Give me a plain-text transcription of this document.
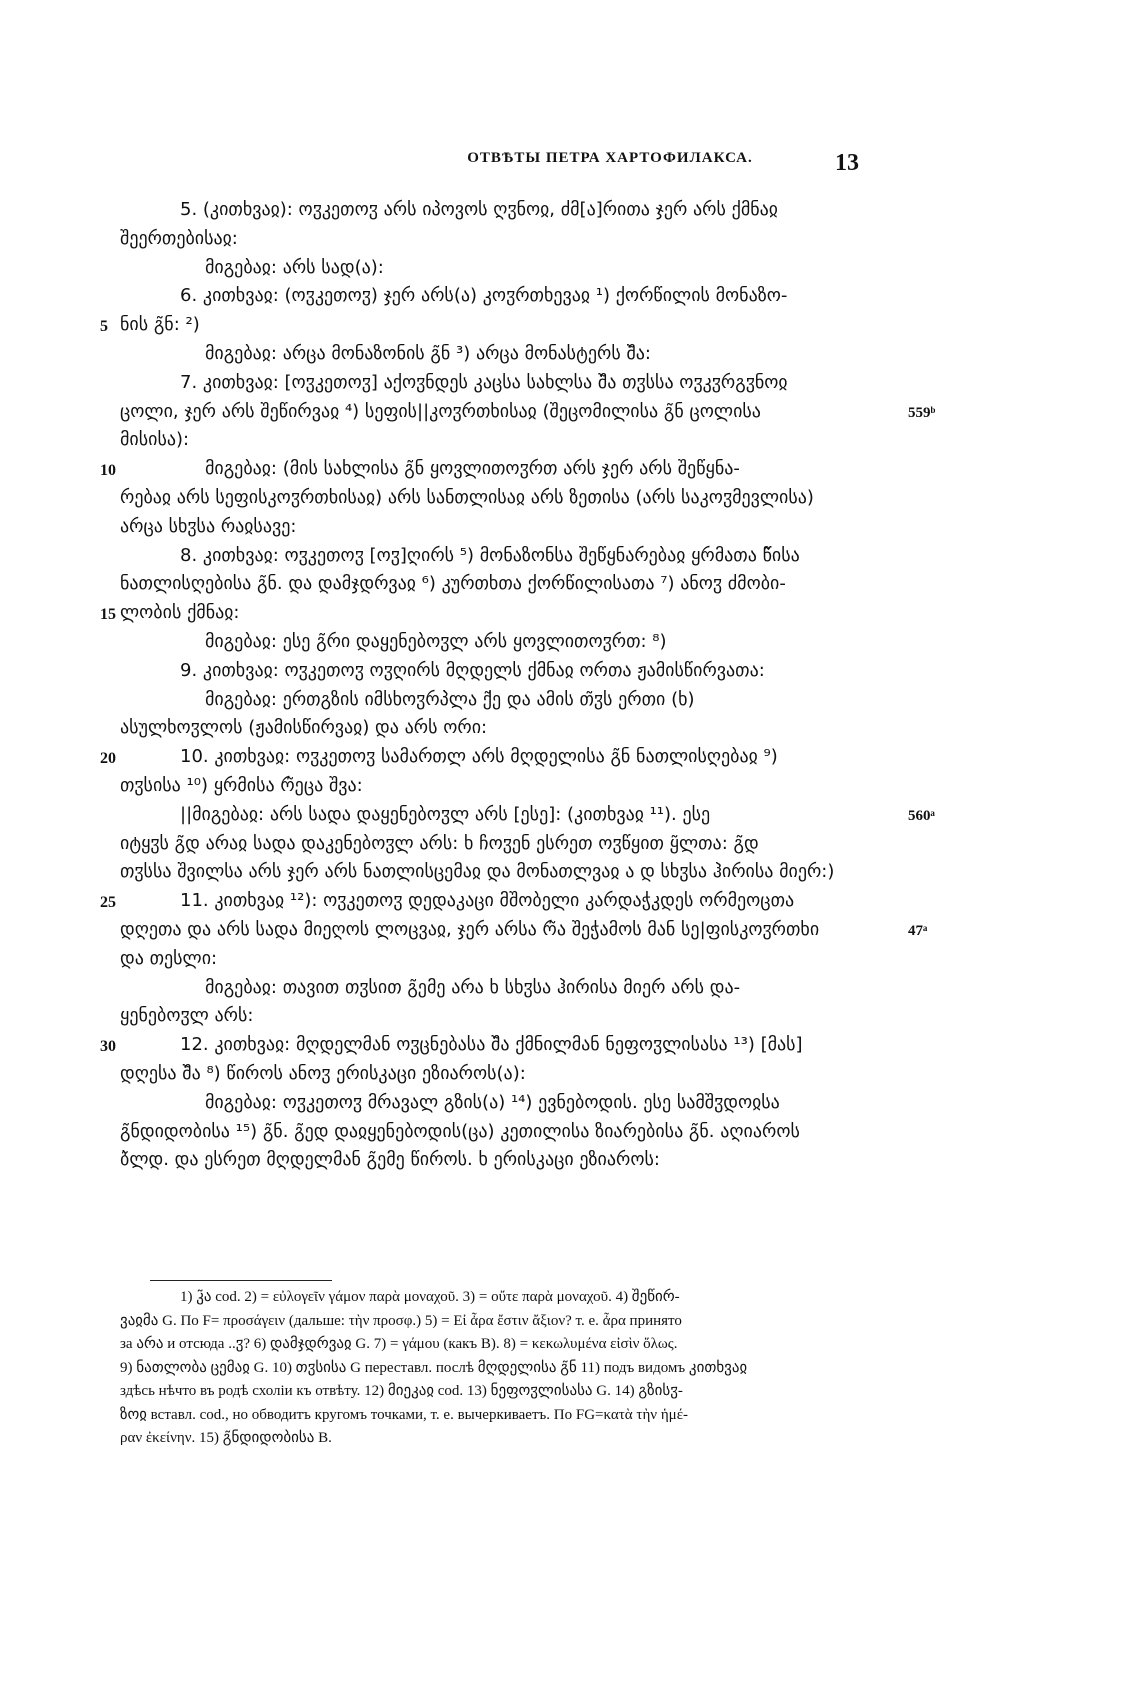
ОТВѢТЫ ПЕТРА ХАРТОФИЛАКСА.	13
5. (კითხვაჲ): ოჳკეთოჳ არს იპოვოს ღჳნოჲ, ძმ[ა]რითა ჯერ არს ქმნაჲ
შეერთებისაჲ:
მიგებაჲ: არს სად(ა):
6. კითხვაჲ: (ოჳკეთოჳ) ჯერ არს(ა) კოჳრთხევაჲ ¹) ქორწილის მონაზო-
ნის გ̃ნ: ²)
მიგებაჲ: არცა მონაზონის გ̃ნ ³) არცა მონასტერს შ̃ა:
7. კითხვაჲ: [ოჳკეთოჳ] აქოჳნდეს კაცსა სახლსა შ̃ა თჳსსა ოჳკჳრგჳნოჲ
ცოლი, ჯერ არს შეწირვაჲ ⁴) სეფის||კოჳრთხისაჲ (შეცომილისა გ̃ნ ცოლისა
მისისა):
მიგებაჲ: (მის სახლისა გ̃ნ ყოვლითოჳრთ არს ჯერ არს შეწყნა-
რებაჲ არს სეფისკოჳრთხისაჲ) არს სანთლისაჲ არს ზეთისა (არს საკოჳმევლისა)
არცა სხჳსა რაჲსავე:
8. კითხვაჲ: ოჳკეთოჳ [ოჳ]ღირს ⁵) მონაზონსა შეწყნარებაჲ ყრმათა წ̃ისა
ნათლისღებისა გ̃ნ. და დამჯდრვაჲ ⁶) კურთხთა ქორწილისათა ⁷) ანოჳ ძმობი-
ლობის ქმნაჲ:
მიგებაჲ: ესე გ̃რი დაყენებოჳლ არს ყოვლითოჳრთ: ⁸)
9. კითხვაჲ: ოჳკეთოჳ ოჳღირს მღდელს ქმნაჲ ორთა ჟამისწირვათა:
მიგებაჲ: ერთგზის იმსხოჳრპლა ქ̃ე და ამის თ̃ჳს ერთი (ხ)
ასულხოჳლოს (ჟამისწირვაჲ) და არს ორი:
10. კითხვაჲ: ოჳკეთოჳ სამართლ არს მღდელისა გ̃ნ ნათლისღებაჲ ⁹)
თჳსისა ¹⁰) ყრმისა რ̃ეცა შვა:
||მიგებაჲ: არს სადა დაყენებოჳლ არს [ესე]: (კითხვაჲ ¹¹). ესე
იტყჳს გ̃დ არაჲ სადა დაკენებოჳლ არს: ხ ჩოჳენ ესრეთ ოჳწყით ყ̃ლთა: გ̃დ
თჳსსა შვილსა არს ჯერ არს ნათლისცემაჲ და მონათლვაჲ ა დ სხჳსა ჰირისა მიერ:)
11. კითხვაჲ ¹²): ოჳკეთოჳ დედაკაცი მშობელი კარდაჭკდეს ორმეოცთა
დღეთა და არს სადა მიეღოს ლოცვაჲ, ჯერ არსა რ̃ა შეჭამოს მან სე|ფისკოჳრთხი
და თესლი:
მიგებაჲ: თავით თჳსით გ̃ემე არა ხ სხჳსა ჰირისა მიერ არს და-
ყენებოჳლ არს:
12. კითხვაჲ: მღდელმან ოჳცნებასა შ̃ა ქმნილმან ნეფოჳლისასა ¹³) [მას]
დღესა შ̃ა ⁸) წიროს ანოჳ ერისკაცი ეზიაროს(ა):
მიგებაჲ: ოჳკეთოჳ მრავალ გზის(ა) ¹⁴) ევნებოდის. ესე სამშჳდოჲსა
გ̃ნდიდობისა ¹⁵) გ̃ნ. გ̃ედ დაჲყენებოდის(ცა) კეთილისა ზიარებისა გ̃ნ. აღიაროს
ბ̃ლდ. და ესრეთ მღდელმან გ̃ემე წიროს. ხ ერისკაცი ეზიაროს:
1) კ̃ა cod. 2) = εὐλογεῖν γάμον παρὰ μοναχοῦ. 3) = οὔτε παρὰ μοναχοῦ. 4) შეწირ-
ვაჲმა G. По F= προσάγειν (дальше: τὴν προσφ.) 5) = Εἰ ἆρα ἔστιν ἄξιον? т. е. ἆρα принято
за არა и отсюда ..ჳ? 6) დამჯდრვაჲ G. 7) = γάμου (какъ B). 8) = κεκωλυμένα εἰσὶν ὅλως.
9) ნათლობა ცემაჲ G. 10) თჳსისა G переставл. послѣ მღდელისა გ̃ნ 11) подъ видомъ კითხვაჲ
здѣсь нѣчто въ родѣ схоліи къ отвѣту. 12) მიეკაჲ cod. 13) ნეფოჳლისასა G. 14) გზისჳ-
ზოჲ вставл. cod., но обводитъ кругомъ точками, т. е. вычеркиваетъ. По FG=κατὰ τὴν ἡμέ-
ραν ἐκείνην. 15) გ̃ნდიდობისა B.
5
10
15
20
25
30
559ᵇ
560ᵃ
47ᵃ
